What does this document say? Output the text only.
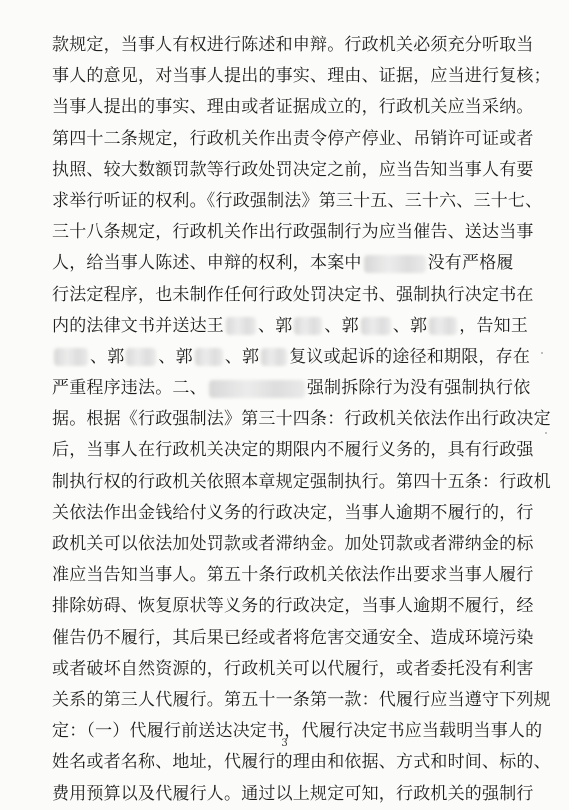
款规定，当事人有权进行陈述和申辩。行政机关必须充分听取当
事人的意见，对当事人提出的事实、理由、证据，应当进行复核；
当事人提出的事实、理由或者证据成立的，行政机关应当采纳。
第四十二条规定，行政机关作出责令停产停业、吊销许可证或者
执照、较大数额罚款等行政处罚决定之前，应当告知当事人有要
求举行听证的权利。《行政强制法》第三十五、三十六、三十七、
三十八条规定，行政机关作出行政强制行为应当催告、送达当事
人，给当事人陈述、申辩的权利，本案中	没有严格履
行法定程序，也未制作任何行政处罚决定书、强制执行决定书在
内的法律文书并送达王 、郭 、郭 、郭 ，告知王
、郭 、郭 、郭 复议或起诉的途径和期限，存在
严重程序违法。二、	强制拆除行为没有强制执行依
据。根据《行政强制法》第三十四条：行政机关依法作出行政决定
后，当事人在行政机关决定的期限内不履行义务的，具有行政强
制执行权的行政机关依照本章规定强制执行。第四十五条：行政机
关依法作出金钱给付义务的行政决定，当事人逾期不履行的，行
政机关可以依法加处罚款或者滞纳金。加处罚款或者滞纳金的标
准应当告知当事人。第五十条行政机关依法作出要求当事人履行
排除妨碍、恢复原状等义务的行政决定，当事人逾期不履行，经
催告仍不履行，其后果已经或者将危害交通安全、造成环境污染
或者破坏自然资源的，行政机关可以代履行，或者委托没有利害
关系的第三人代履行。第五十一条第一款：代履行应当遵守下列规
定：（一）代履行前送达决定书，代履行决定书应当载明当事人的
姓名或者名称、地址，代履行的理由和依据、方式和时间、标的、
费用预算以及代履行人。通过以上规定可知，行政机关的强制行
3
